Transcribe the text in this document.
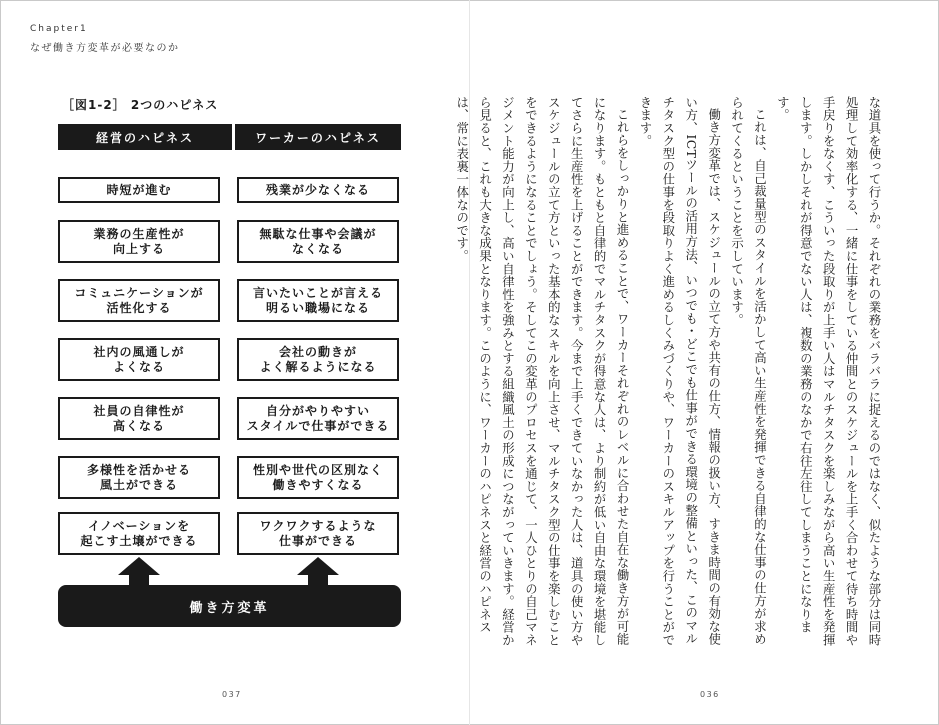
Chapter1
なぜ働き方変革が必要なのか
［図1-2］ 2つのハピネス
経営のハピネス	ワーカーのハピネス
時短が進む
業務の生産性が
向上する
コミュニケーションが
活性化する
社内の風通しが
よくなる
社員の自律性が
高くなる
多様性を活かせる
風土ができる
イノベーションを
起こす土壌ができる
残業が少なくなる
無駄な仕事や会議が
なくなる
言いたいことが言える
明るい職場になる
会社の動きが
よく解るようになる
自分がやりやすい
スタイルで仕事ができる
性別や世代の区別なく
働きやすくなる
ワクワクするような
仕事ができる
働き方変革
037	036

な道具を使って行うか。それぞれの業務をバラバラに捉えるのではなく、似たような部分は同時処理して効率化する、一緒に仕事をしている仲間とのスケジュールを上手く合わせて待ち時間や手戻りをなくす、こういった段取りが上手い人はマルチタスクを楽しみながら高い生産性を発揮します。しかしそれが得意でない人は、複数の業務のなかで右往左往してしまうことになります。

これは、自己裁量型のスタイルを活かして高い生産性を発揮できる自律的な仕事の仕方が求められてくるということを示しています。

働き方変革では、スケジュールの立て方や共有の仕方、情報の扱い方、すきま時間の有効な使い方、ICTツールの活用方法、いつでも・どこでも仕事ができる環境の整備といった、このマルチタスク型の仕事を段取りよく進めるしくみづくりや、ワーカーのスキルアップを行うことができます。

これらをしっかりと進めることで、ワーカーそれぞれのレベルに合わせた自在な働き方が可能になります。もともと自律的でマルチタスクが得意な人は、より制約が低い自由な環境を堪能してさらに生産性を上げることができます。今まで上手くできていなかった人は、道具の使い方やスケジュールの立て方といった基本的なスキルを向上させ、マルチタスク型の仕事を楽しむことをできるようになることでしょう。そしてこの変革のプロセスを通じて、一人ひとりの自己マネジメント能力が向上し、高い自律性を強みとする組織風土の形成につながっていきます。経営から見ると、これも大きな成果となります。このように、ワーカーのハピネスと経営のハピネスは、常に表裏一体なのです。
